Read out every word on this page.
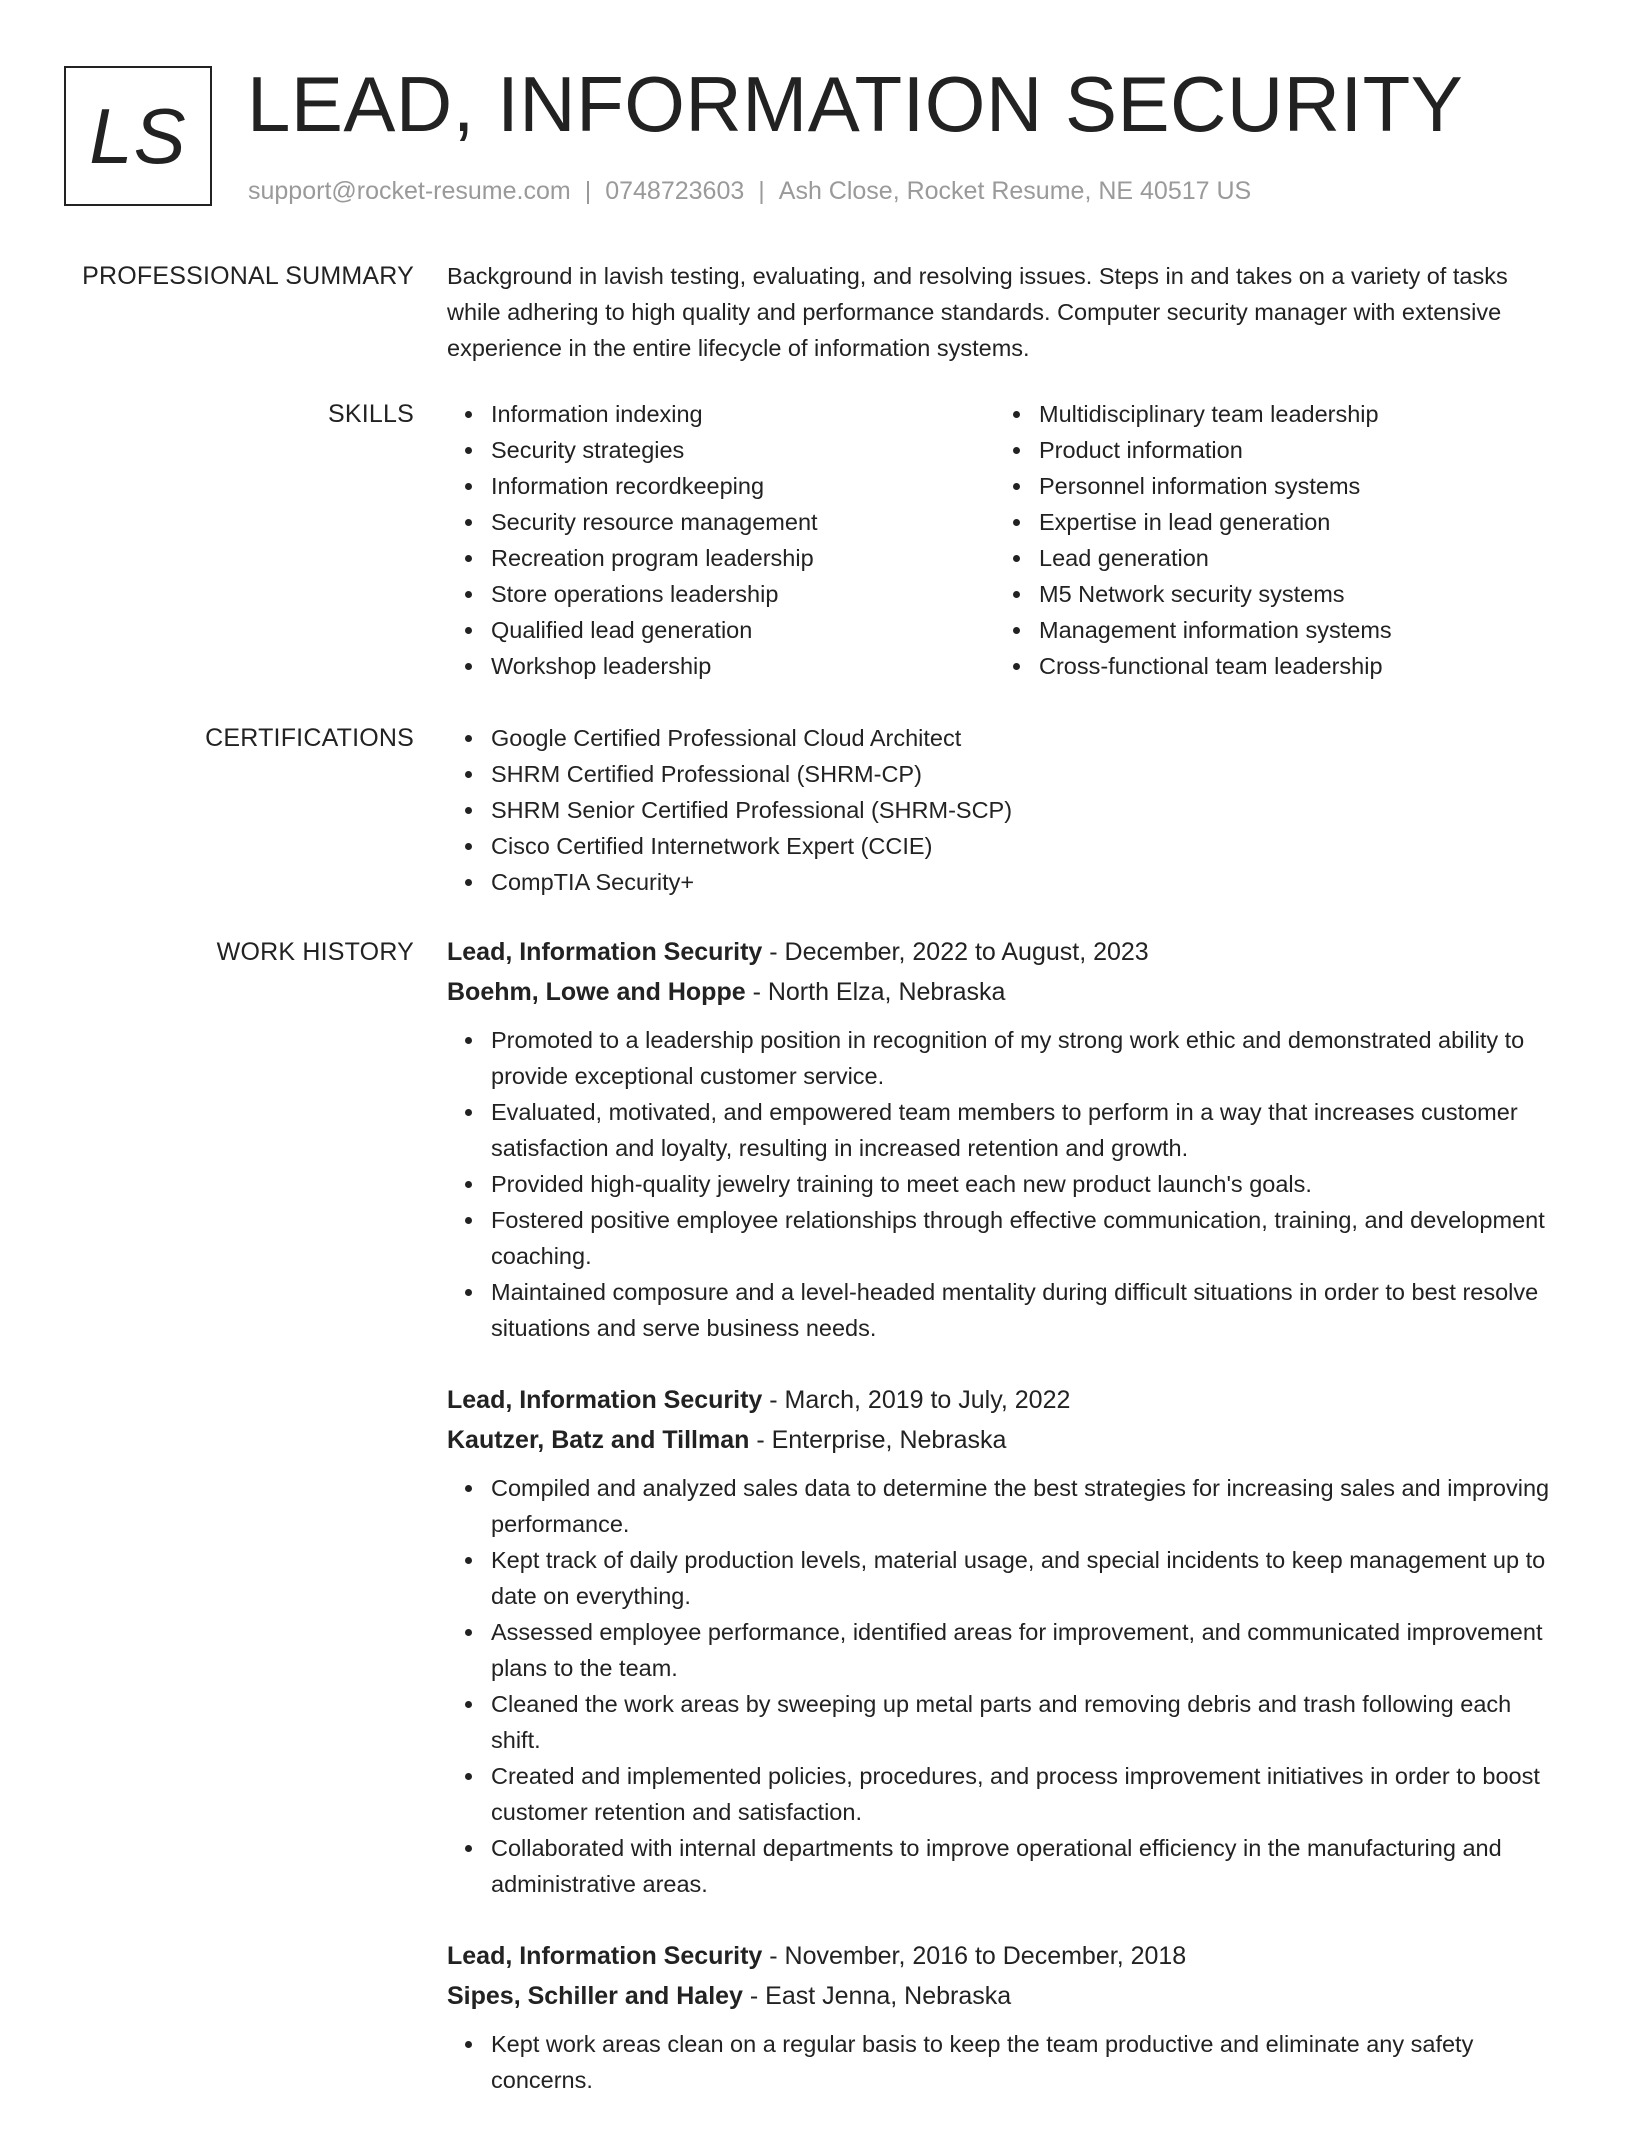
LS LEAD, INFORMATION SECURITY
support@rocket-resume.com | 0748723603 | Ash Close, Rocket Resume, NE 40517 US
PROFESSIONAL SUMMARY Background in lavish testing, evaluating, and resolving issues. Steps in and takes on a variety of tasks while adhering to high quality and performance standards. Computer security manager with extensive experience in the entire lifecycle of information systems.

SKILLS	Information indexing
Security strategies
Information recordkeeping
Security resource management
Recreation program leadership
Store operations leadership
Qualified lead generation
Workshop leadership
Multidisciplinary team leadership
Product information
Personnel information systems
Expertise in lead generation
Lead generation
M5 Network security systems
Management information systems
Cross-functional team leadership
CERTIFICATIONS	Google Certified Professional Cloud Architect
SHRM Certified Professional (SHRM-CP)
SHRM Senior Certified Professional (SHRM-SCP)
Cisco Certified Internetwork Expert (CCIE)
CompTIA Security+
WORK HISTORY Lead, Information Security - December, 2022 to August, 2023
Boehm, Lowe and Hoppe - North Elza, Nebraska
Promoted to a leadership position in recognition of my strong work ethic and demonstrated ability to provide exceptional customer service.
Evaluated, motivated, and empowered team members to perform in a way that increases customer satisfaction and loyalty, resulting in increased retention and growth.
Provided high-quality jewelry training to meet each new product launch's goals.
Fostered positive employee relationships through effective communication, training, and development coaching.
Maintained composure and a level-headed mentality during difficult situations in order to best resolve situations and serve business needs.
Lead, Information Security - March, 2019 to July, 2022
Kautzer, Batz and Tillman - Enterprise, Nebraska
Compiled and analyzed sales data to determine the best strategies for increasing sales and improving performance.
Kept track of daily production levels, material usage, and special incidents to keep management up to date on everything.
Assessed employee performance, identified areas for improvement, and communicated improvement plans to the team.
Cleaned the work areas by sweeping up metal parts and removing debris and trash following each shift.
Created and implemented policies, procedures, and process improvement initiatives in order to boost customer retention and satisfaction.
Collaborated with internal departments to improve operational efficiency in the manufacturing and administrative areas.
Lead, Information Security - November, 2016 to December, 2018
Sipes, Schiller and Haley - East Jenna, Nebraska
Kept work areas clean on a regular basis to keep the team productive and eliminate any safety concerns.
